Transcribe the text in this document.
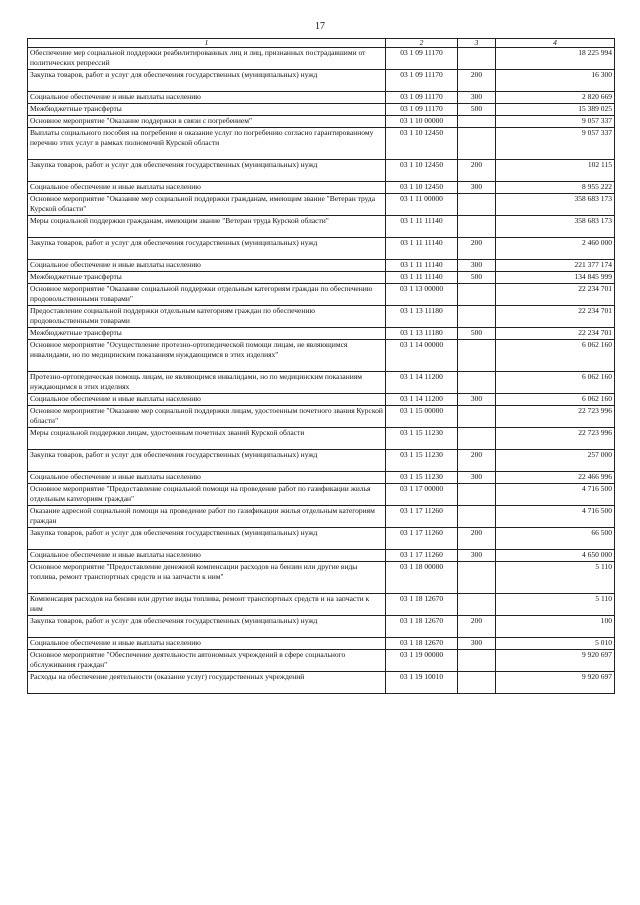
17
1	2	3	4
Обеспечение мер социальной поддержки реабилитированных лиц и лиц, признанных пострадавшими от политических репрессий	03 1 09 11170		18 225 994
Закупка товаров, работ и услуг для обеспечения государственных (муниципальных) нужд	03 1 09 11170	200	16 300
Социальное обеспечение и иные выплаты населению	03 1 09 11170	300	2 820 669
Межбюджетные трансферты	03 1 09 11170	500	15 389 025
Основное мероприятие "Оказание поддержки в связи с погребением"	03 1 10 00000		9 057 337
Выплаты социального пособия на погребение и оказание услуг по погребению согласно гарантированному перечню этих услуг в рамках полномочий Курской области	03 1 10 12450		9 057 337
Закупка товаров, работ и услуг для обеспечения государственных (муниципальных) нужд	03 1 10 12450	200	102 115
Социальное обеспечение и иные выплаты населению	03 1 10 12450	300	8 955 222
Основное мероприятие "Оказание мер социальной поддержки гражданам, имеющим звание "Ветеран труда Курской области"	03 1 11 00000		358 683 173
Меры социальной поддержки гражданам, имеющим звание "Ветеран труда Курской области"	03 1 11 11140		358 683 173
Закупка товаров, работ и услуг для обеспечения государственных (муниципальных) нужд	03 1 11 11140	200	2 460 000
Социальное обеспечение и иные выплаты населению	03 1 11 11140	300	221 377 174
Межбюджетные трансферты	03 1 11 11140	500	134 845 999
Основное мероприятие "Оказание социальной поддержки отдельным категориям граждан по обеспечению продовольственными товарами"	03 1 13 00000		22 234 701
Предоставление социальной поддержки отдельным категориям граждан по обеспечению продовольственными товарами	03 1 13 11180		22 234 701
Межбюджетные трансферты	03 1 13 11180	500	22 234 701
Основное мероприятие "Осуществление протезно-ортопедической помощи лицам, не являющимся инвалидами, но по медицинским показаниям нуждающимся в этих изделиях"	03 1 14 00000		6 062 160
Протезно-ортопедическая помощь лицам, не являющимся инвалидами, но по медицинским показаниям нуждающимся в этих изделиях	03 1 14 11200		6 062 160
Социальное обеспечение и иные выплаты населению	03 1 14 11200	300	6 062 160
Основное мероприятие "Оказание мер социальной поддержки лицам, удостоенным почетного звания Курской области"	03 1 15 00000		22 723 996
Меры социальной поддержки лицам, удостоенным почетных званий Курской области	03 1 15 11230		22 723 996
Закупка товаров, работ и услуг для обеспечения государственных (муниципальных) нужд	03 1 15 11230	200	257 000
Социальное обеспечение и иные выплаты населению	03 1 15 11230	300	22 466 996
Основное мероприятие "Предоставление социальной помощи на проведение работ по газификации жилья отдельным категориям граждан"	03 1 17 00000		4 716 500
Оказание адресной социальной помощи на проведение работ по газификации жилья отдельным категориям граждан	03 1 17 11260		4 716 500
Закупка товаров, работ и услуг для обеспечения государственных (муниципальных) нужд	03 1 17 11260	200	66 500
Социальное обеспечение и иные выплаты населению	03 1 17 11260	300	4 650 000
Основное мероприятие "Предоставление денежной компенсации расходов на бензин или другие виды топлива, ремонт транспортных средств и на запчасти к ним"	03 1 18 00000		5 110
Компенсация расходов на бензин или другие виды топлива, ремонт транспортных средств и на запчасти к ним	03 1 18 12670		5 110
Закупка товаров, работ и услуг для обеспечения государственных (муниципальных) нужд	03 1 18 12670	200	100
Социальное обеспечение и иные выплаты населению	03 1 18 12670	300	5 010
Основное мероприятие "Обеспечение деятельности автономных учреждений в сфере социального обслуживания граждан"	03 1 19 00000		9 920 697
Расходы на обеспечение деятельности (оказание услуг) государственных учреждений	03 1 19 10010		9 920 697
